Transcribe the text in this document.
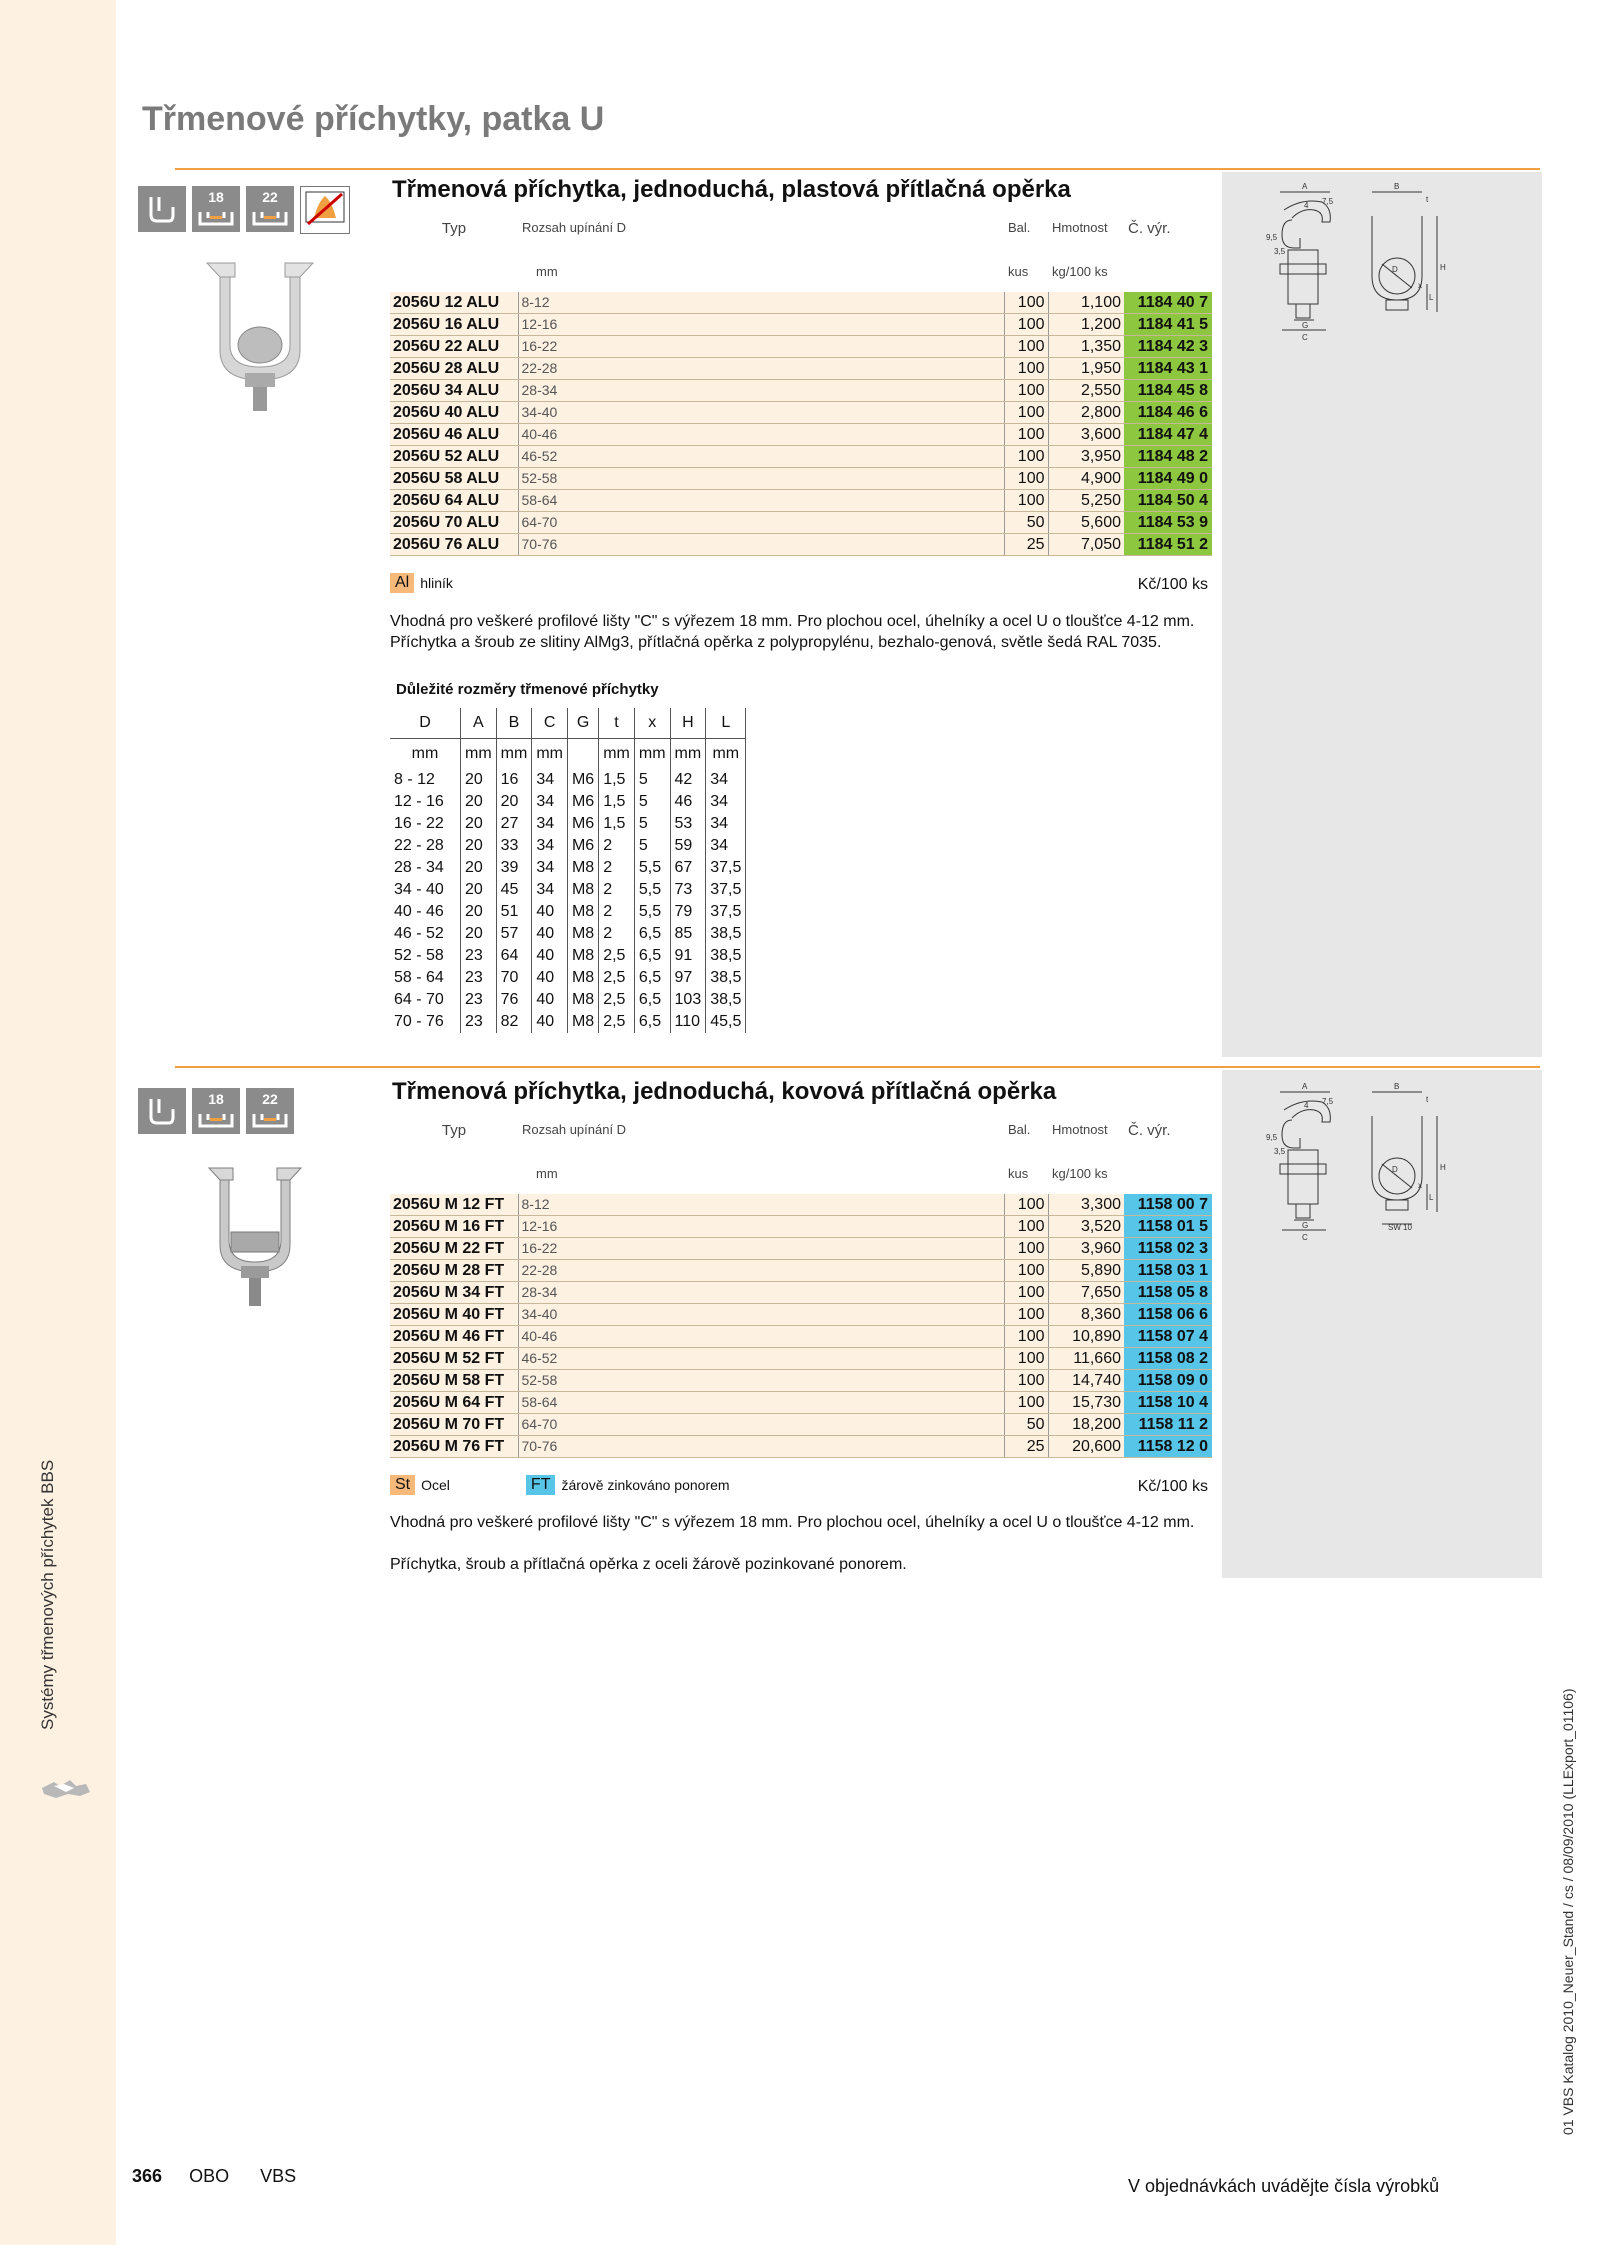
Systémy třmenových příchytek BBS
01 VBS Katalog 2010_Neuer_Stand / cs / 08/09/2010 (LLExport_01106)
Třmenové příchytky, patka U
18	22	Třmenová příchytka, jednoduchá, plastová přítlačná opěrka
Typ	Rozsah upínání D	Bal.	Hmotnost	Č. výr.
	mm	kus	kg/100 ks	
2056U 12 ALU	8-12	100	1,100	1184 40 7
2056U 16 ALU	12-16	100	1,200	1184 41 5
2056U 22 ALU	16-22	100	1,350	1184 42 3
2056U 28 ALU	22-28	100	1,950	1184 43 1
2056U 34 ALU	28-34	100	2,550	1184 45 8
2056U 40 ALU	34-40	100	2,800	1184 46 6
2056U 46 ALU	40-46	100	3,600	1184 47 4
2056U 52 ALU	46-52	100	3,950	1184 48 2
2056U 58 ALU	52-58	100	4,900	1184 49 0
2056U 64 ALU	58-64	100	5,250	1184 50 4
2056U 70 ALU	64-70	50	5,600	1184 53 9
2056U 76 ALU	70-76	25	7,050	1184 51 2
Al hliník	Kč/100 ks

Vhodná pro veškeré profilové lišty "C" s výřezem 18 mm. Pro plochou ocel, úhelníky a ocel U o tloušťce 4-12 mm. Příchytka a šroub ze slitiny AlMg3, přítlačná opěrka z polypropylénu, bezhalo-genová, světle šedá RAL 7035.

Důležité rozměry třmenové příchytky
D	A	B	C	G	t	x	H	L
mm	mm	mm	mm		mm	mm	mm	mm
8 - 12	20	16	34	M6	1,5	5	42	34
12 - 16	20	20	34	M6	1,5	5	46	34
16 - 22	20	27	34	M6	1,5	5	53	34
22 - 28	20	33	34	M6	2	5	59	34
28 - 34	20	39	34	M8	2	5,5	67	37,5
34 - 40	20	45	34	M8	2	5,5	73	37,5
40 - 46	20	51	40	M8	2	5,5	79	37,5
46 - 52	20	57	40	M8	2	6,5	85	38,5
52 - 58	23	64	40	M8	2,5	6,5	91	38,5
58 - 64	23	70	40	M8	2,5	6,5	97	38,5
64 - 70	23	76	40	M8	2,5	6,5	103	38,5
70 - 76	23	82	40	M8	2,5	6,5	110	45,5
A	B
C
G
D	H
L
x
t
7,5
4
9,5
3,5
18	22	Třmenová příchytka, jednoduchá, kovová přítlačná opěrka
Typ	Rozsah upínání D	Bal.	Hmotnost	Č. výr.
	mm	kus	kg/100 ks	
2056U M 12 FT	8-12	100	3,300	1158 00 7
2056U M 16 FT	12-16	100	3,520	1158 01 5
2056U M 22 FT	16-22	100	3,960	1158 02 3
2056U M 28 FT	22-28	100	5,890	1158 03 1
2056U M 34 FT	28-34	100	7,650	1158 05 8
2056U M 40 FT	34-40	100	8,360	1158 06 6
2056U M 46 FT	40-46	100	10,890	1158 07 4
2056U M 52 FT	46-52	100	11,660	1158 08 2
2056U M 58 FT	52-58	100	14,740	1158 09 0
2056U M 64 FT	58-64	100	15,730	1158 10 4
2056U M 70 FT	64-70	50	18,200	1158 11 2
2056U M 76 FT	70-76	25	20,600	1158 12 0
St Ocel	FT žárově zinkováno ponorem	Kč/100 ks

Vhodná pro veškeré profilové lišty "C" s výřezem 18 mm. Pro plochou ocel, úhelníky a ocel U o tloušťce 4-12 mm.

Příchytka, šroub a přítlačná opěrka z oceli žárově pozinkované ponorem.

A	B
C
G
D	H
L
x
t
7,5
4
9,5
3,5
SW 10
366 OBO VBS	V objednávkách uvádějte čísla výrobků
